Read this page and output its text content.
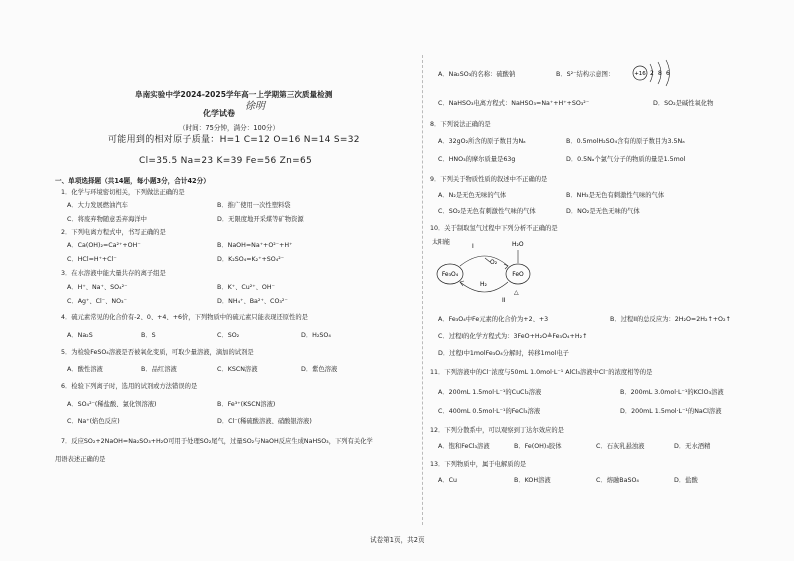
阜南实验中学2024-2025学年高一上学期第三次质量检测
化学试卷
徐明
（时间：75分钟，满分：100分）
可能用到的相对原子质量：H=1 C=12 O=16 N=14 S=32
Cl=35.5 Na=23 K=39 Fe=56 Zn=65
一、单项选择题（共14题，每小题3分，合计42分）
1．化学与环境密切相关，下列做法正确的是
A．大力发展燃油汽车	B．推广使用一次性塑料袋
C．将废弃物随意丢弃海洋中	D．无限度地开采煤等矿物资源
2．下列电离方程式中，书写正确的是
A．Ca(OH)₂=Ca²⁺+OH⁻	B．NaOH=Na⁺+O²⁻+H⁺
C．HCl=H⁺+Cl⁻	D．K₂SO₄=K₂⁺+SO₄²⁻
3．在水溶液中能大量共存的离子组是
A．H⁺、Na⁺、SO₄²⁻	B．K⁺、Cu²⁺、OH⁻
C．Ag⁺、Cl⁻、NO₃⁻	D．NH₄⁺、Ba²⁺、CO₃²⁻
4．硫元素常见的化合价有-2、0、+4、+6价，下列物质中的硫元素只能表现还原性的是
A．Na₂S	B．S	C．SO₂	D．H₂SO₄
5．为检验FeSO₄溶液是否被氧化变质，可取少量溶液，滴加的试剂是
A．酸性溶液	B．品红溶液	C．KSCN溶液	D．紫色溶液
6．检验下列离子时，选用的试剂或方法错误的是
A．SO₄²⁻(稀盐酸、氯化钡溶液)	B．Fe³⁺(KSCN溶液)
C．Na⁺(焰色反应)	D．Cl⁻(稀硫酸溶液、硝酸银溶液)
7．反应SO₂+2NaOH=Na₂SO₃+H₂O可用于处理SO₂尾气，过量SO₂与NaOH反应生成NaHSO₃，下列有关化学
用语表述正确的是
A．Na₂SO₃的名称：硫酸钠	B．S²⁻结构示意图：	+16 2 8 6
C．NaHSO₃电离方程式：NaHSO₃=Na⁺+H⁺+SO₃²⁻	D．SO₂是碱性氧化物
8．下列说法正确的是
A．32gO₂所含的原子数目为Nₐ	B．0.5molH₂SO₄含有的原子数目为3.5Nₐ
C．HNO₃的摩尔质量是63g	D．0.5Nₐ个氯气分子的物质的量是1.5mol
9．下列关于物质性质的叙述中不正确的是
A．N₂是无色无味的气体	B．NH₃是无色有刺激性气味的气体
C．SO₂是无色有刺激性气味的气体	D．NO₂是无色无味的气体
10．关于制取氢气过程中下列分析不正确的是
太阳能
I	H₂O
O₂
Fe₃O₄	FeO
H₂
II
△
A．Fe₃O₄中Fe元素的化合价为+2、+3	B．过程II的总反应为：2H₂O=2H₂↑+O₂↑
C．过程I的化学方程式为：3FeO+H₂O≜Fe₃O₄+H₂↑
D．过程I中1molFe₃O₄分解时，转移1mol电子
11．下列溶液中的Cl⁻浓度与50mL 1.0mol·L⁻¹ AlCl₃溶液中Cl⁻的浓度相等的是
A．200mL 1.5mol·L⁻¹的CuCl₂溶液	B．200mL 3.0mol·L⁻¹的KClO₃溶液
C．400mL 0.5mol·L⁻¹的FeCl₃溶液	D．200mL 1.5mol·L⁻¹的NaCl溶液
12．下列分散系中，可以观察到丁达尔效应的是
A．饱和FeCl₃溶液	B．Fe(OH)₃胶体	C．石灰乳悬浊液	D．无水酒精
13．下列物质中，属于电解质的是
A．Cu	B．KOH溶液	C．熔融BaSO₄	D．盐酸
试卷第1页，共2页
